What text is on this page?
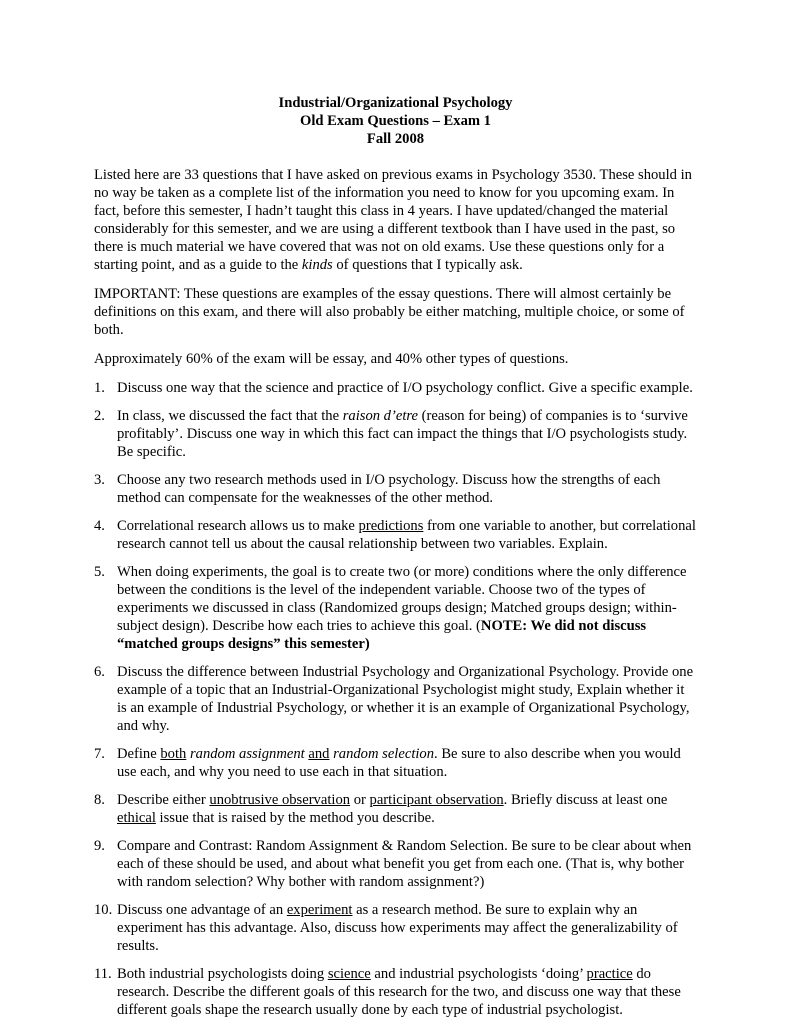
Industrial/Organizational Psychology
Old Exam Questions – Exam 1
Fall 2008

Listed here are 33 questions that I have asked on previous exams in Psychology 3530. These should in no way be taken as a complete list of the information you need to know for you upcoming exam. In fact, before this semester, I hadn’t taught this class in 4 years. I have updated/changed the material considerably for this semester, and we are using a different textbook than I have used in the past, so there is much material we have covered that was not on old exams. Use these questions only for a starting point, and as a guide to the kinds of questions that I typically ask.

IMPORTANT: These questions are examples of the essay questions. There will almost certainly be definitions on this exam, and there will also probably be either matching, multiple choice, or some of both.

Approximately 60% of the exam will be essay, and 40% other types of questions.

1. Discuss one way that the science and practice of I/O psychology conflict. Give a specific example.
2. In class, we discussed the fact that the raison d’etre (reason for being) of companies is to ‘survive profitably’. Discuss one way in which this fact can impact the things that I/O psychologists study. Be specific.
3. Choose any two research methods used in I/O psychology. Discuss how the strengths of each method can compensate for the weaknesses of the other method.
4. Correlational research allows us to make predictions from one variable to another, but correlational research cannot tell us about the causal relationship between two variables. Explain.
5. When doing experiments, the goal is to create two (or more) conditions where the only difference between the conditions is the level of the independent variable. Choose two of the types of experiments we discussed in class (Randomized groups design; Matched groups design; within-subject design). Describe how each tries to achieve this goal. (NOTE: We did not discuss “matched groups designs” this semester)
6. Discuss the difference between Industrial Psychology and Organizational Psychology. Provide one example of a topic that an Industrial-Organizational Psychologist might study, Explain whether it is an example of Industrial Psychology, or whether it is an example of Organizational Psychology, and why.
7. Define both random assignment and random selection. Be sure to also describe when you would use each, and why you need to use each in that situation.
8. Describe either unobtrusive observation or participant observation. Briefly discuss at least one ethical issue that is raised by the method you describe.
9. Compare and Contrast: Random Assignment & Random Selection. Be sure to be clear about when each of these should be used, and about what benefit you get from each one. (That is, why bother with random selection? Why bother with random assignment?)
10. Discuss one advantage of an experiment as a research method. Be sure to explain why an experiment has this advantage. Also, discuss how experiments may affect the generalizability of results.
11. Both industrial psychologists doing science and industrial psychologists ‘doing’ practice do research. Describe the different goals of this research for the two, and discuss one way that these different goals shape the research usually done by each type of industrial psychologist.
